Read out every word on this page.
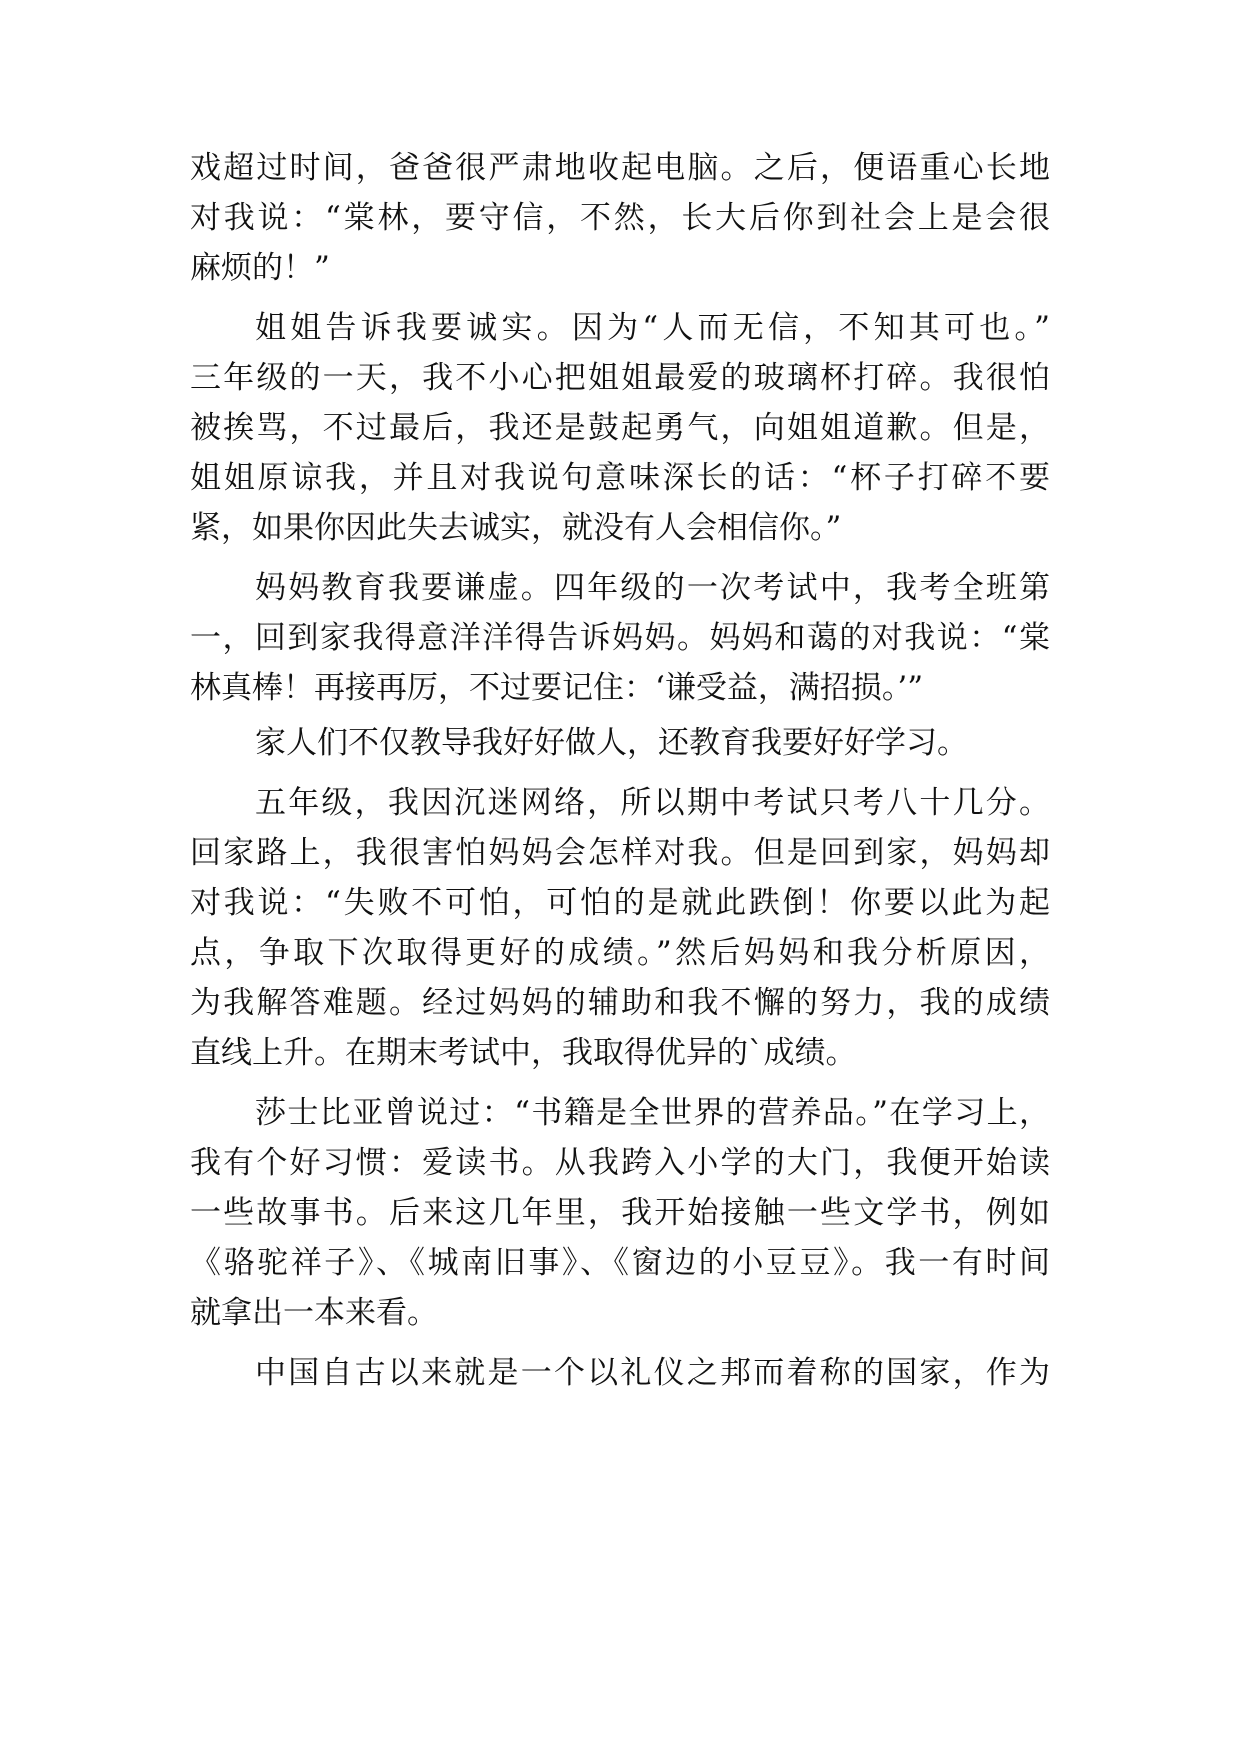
戏超过时间，爸爸很严肃地收起电脑。之后，便语重心长地
对我说：“棠林，要守信，不然，长大后你到社会上是会很
麻烦的！”
姐姐告诉我要诚实。因为“人而无信，不知其可也。”
三年级的一天，我不小心把姐姐最爱的玻璃杯打碎。我很怕
被挨骂，不过最后，我还是鼓起勇气，向姐姐道歉。但是，
姐姐原谅我，并且对我说句意味深长的话：“杯子打碎不要
紧，如果你因此失去诚实，就没有人会相信你。”
妈妈教育我要谦虚。四年级的一次考试中，我考全班第
一，回到家我得意洋洋得告诉妈妈。妈妈和蔼的对我说：“棠
林真棒！再接再厉，不过要记住：‘谦受益，满招损。’”
家人们不仅教导我好好做人，还教育我要好好学习。
五年级，我因沉迷网络，所以期中考试只考八十几分。
回家路上，我很害怕妈妈会怎样对我。但是回到家，妈妈却
对我说：“失败不可怕，可怕的是就此跌倒！你要以此为起
点，争取下次取得更好的成绩。”然后妈妈和我分析原因，
为我解答难题。经过妈妈的辅助和我不懈的努力，我的成绩
直线上升。在期末考试中，我取得优异的`成绩。
莎士比亚曾说过：“书籍是全世界的营养品。”在学习上，
我有个好习惯：爱读书。从我跨入小学的大门，我便开始读
一些故事书。后来这几年里，我开始接触一些文学书，例如
《骆驼祥子》、《城南旧事》、《窗边的小豆豆》。我一有时间
就拿出一本来看。
中国自古以来就是一个以礼仪之邦而着称的国家，作为
